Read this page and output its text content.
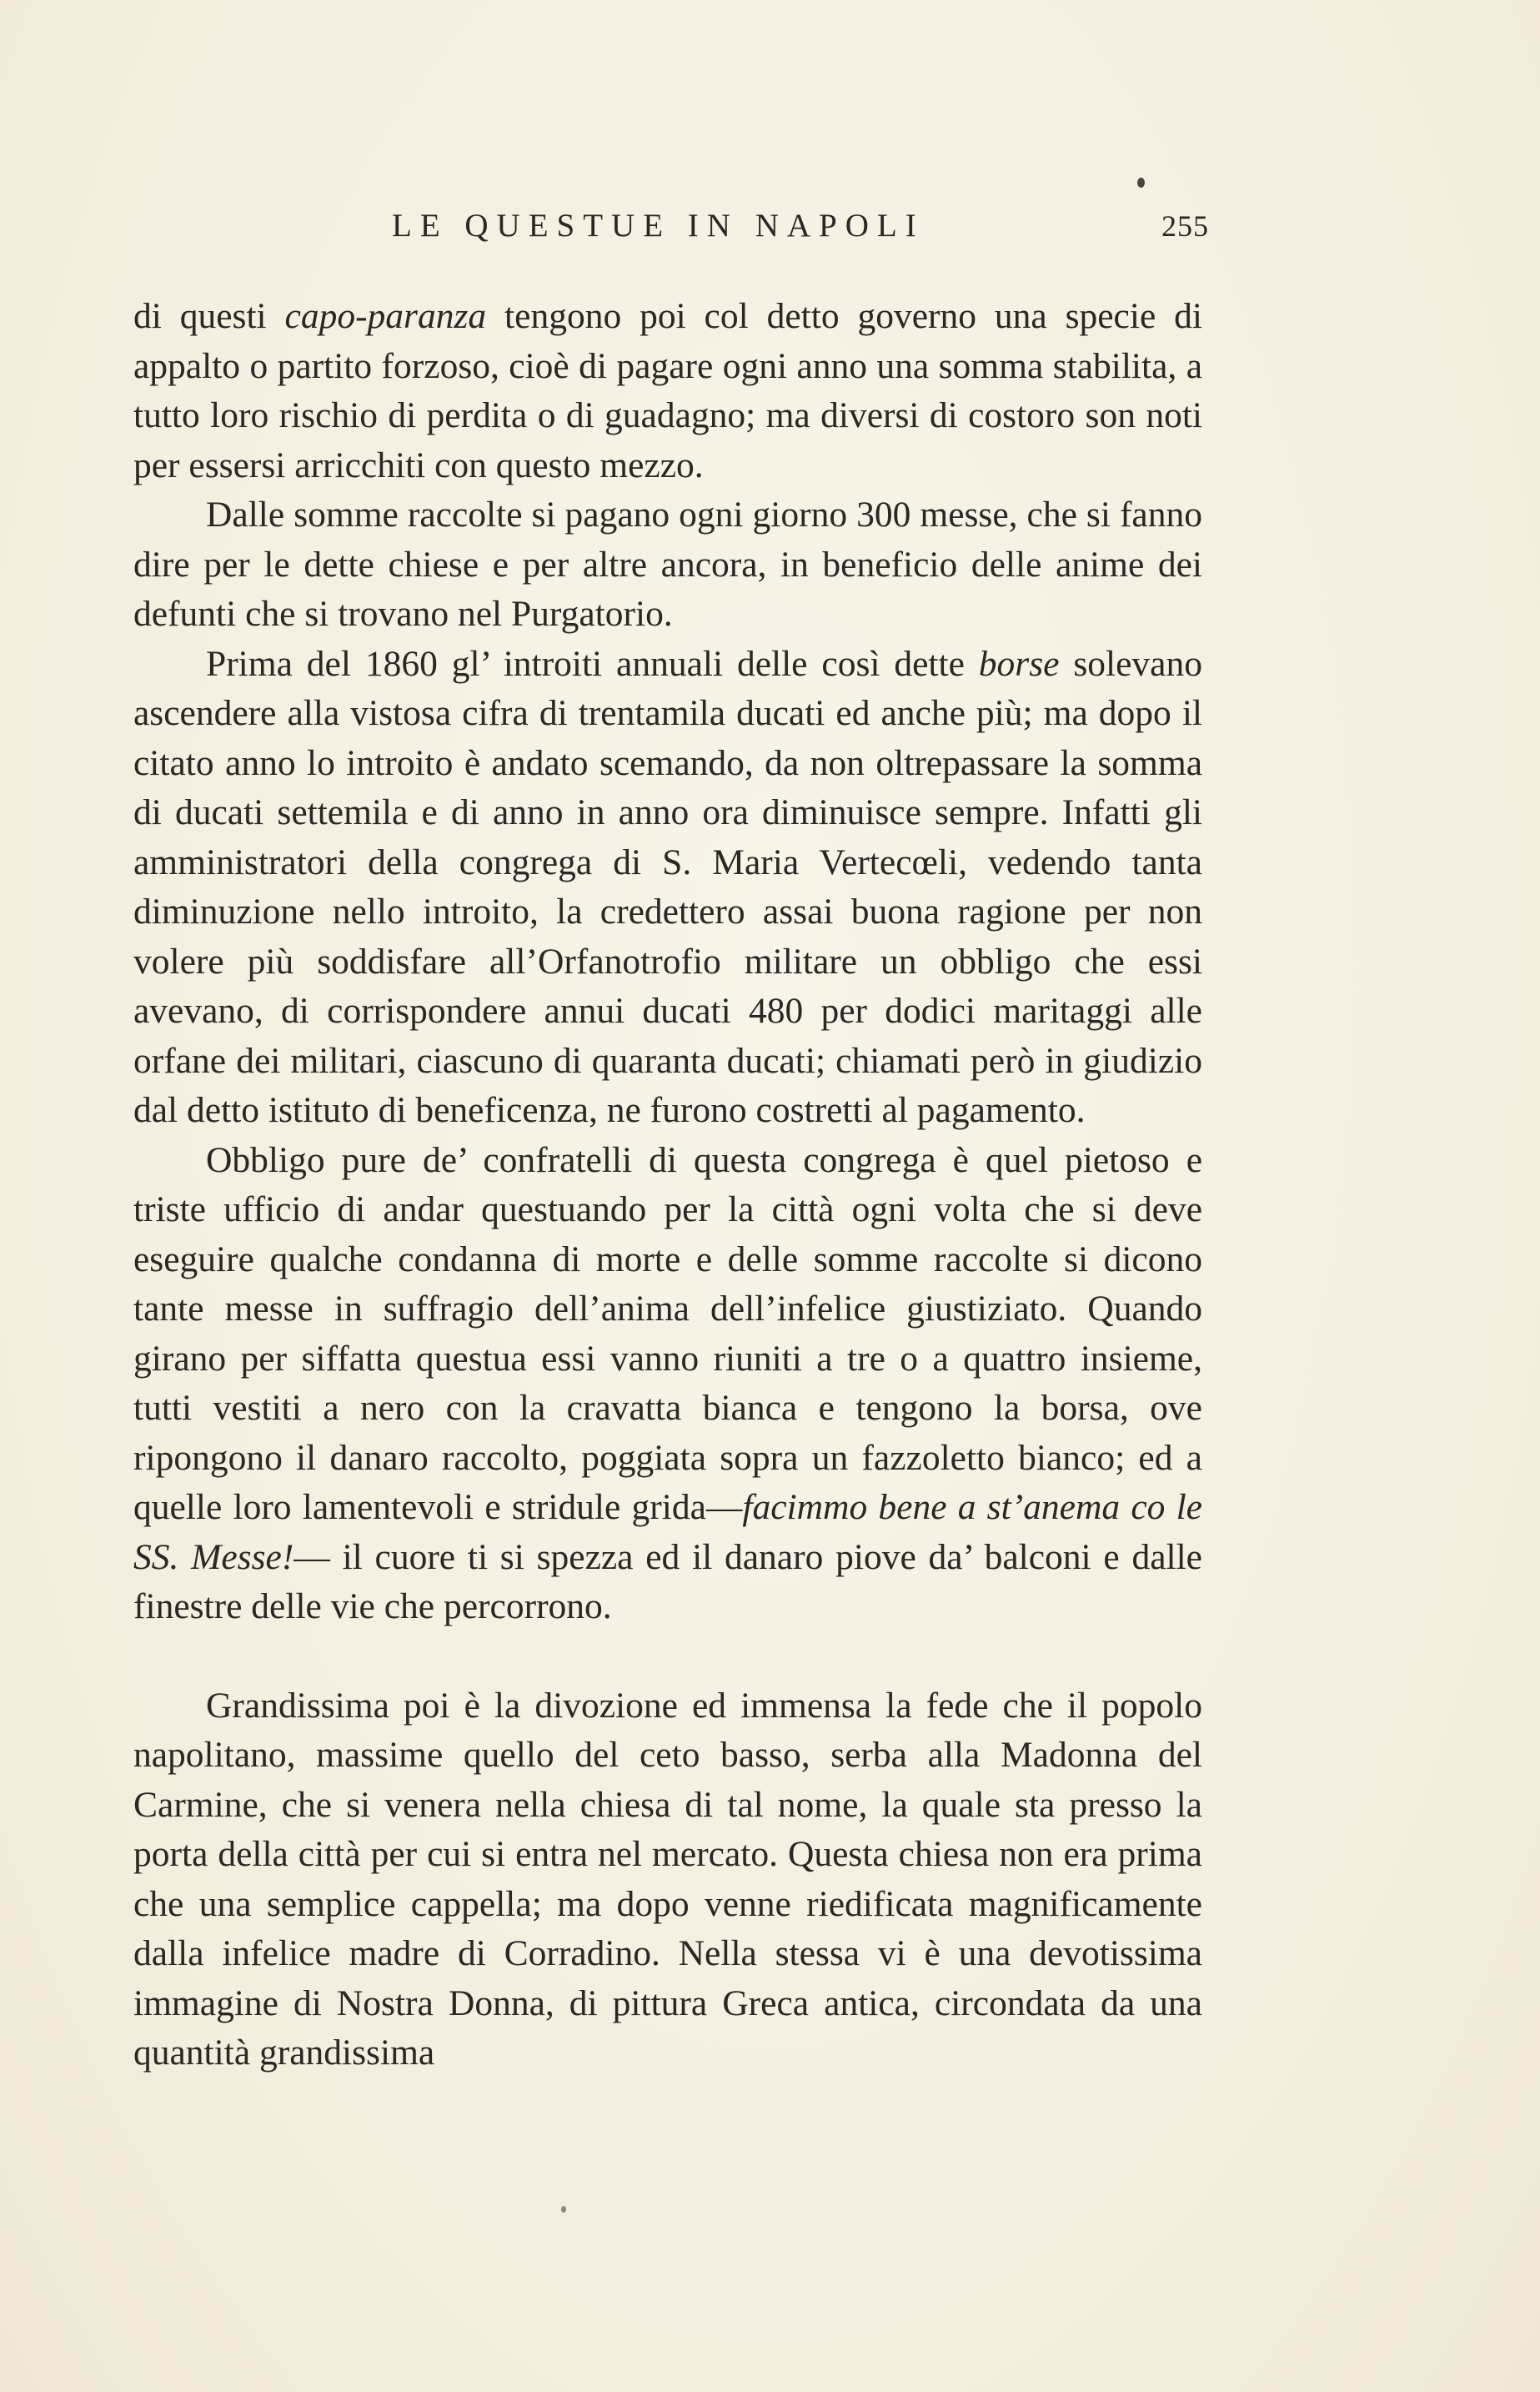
LE QUESTUE IN NAPOLI	255

di questi capo-paranza tengono poi col detto governo una specie di appalto o partito forzoso, cioè di pagare ogni anno una somma stabilita, a tutto loro rischio di perdita o di guadagno; ma diversi di costoro son noti per essersi arricchiti con questo mezzo.

Dalle somme raccolte si pagano ogni giorno 300 messe, che si fanno dire per le dette chiese e per altre ancora, in beneficio delle anime dei defunti che si trovano nel Purgatorio.

Prima del 1860 gl’ introiti annuali delle così dette borse solevano ascendere alla vistosa cifra di trentamila ducati ed anche più; ma dopo il citato anno lo introito è andato scemando, da non oltrepassare la somma di ducati settemila e di anno in anno ora diminuisce sempre. Infatti gli amministratori della congrega di S. Maria Vertecœli, vedendo tanta diminuzione nello introito, la credettero assai buona ragione per non volere più soddisfare all’Orfanotrofio militare un obbligo che essi avevano, di corrispondere annui ducati 480 per dodici maritaggi alle orfane dei militari, ciascuno di quaranta ducati; chiamati però in giudizio dal detto istituto di beneficenza, ne furono costretti al pagamento.

Obbligo pure de’ confratelli di questa congrega è quel pietoso e triste ufficio di andar questuando per la città ogni volta che si deve eseguire qualche condanna di morte e delle somme raccolte si dicono tante messe in suffragio dell’anima dell’infelice giustiziato. Quando girano per siffatta questua essi vanno riuniti a tre o a quattro insieme, tutti vestiti a nero con la cravatta bianca e tengono la borsa, ove ripongono il danaro raccolto, poggiata sopra un fazzoletto bianco; ed a quelle loro lamentevoli e stridule grida—facimmo bene a st’anema co le SS. Messe!— il cuore ti si spezza ed il danaro piove da’ balconi e dalle finestre delle vie che percorrono.

Grandissima poi è la divozione ed immensa la fede che il popolo napolitano, massime quello del ceto basso, serba alla Madonna del Carmine, che si venera nella chiesa di tal nome, la quale sta presso la porta della città per cui si entra nel mercato. Questa chiesa non era prima che una semplice cappella; ma dopo venne riedificata magnificamente dalla infelice madre di Corradino. Nella stessa vi è una devotissima immagine di Nostra Donna, di pittura Greca antica, circondata da una quantità grandissima
